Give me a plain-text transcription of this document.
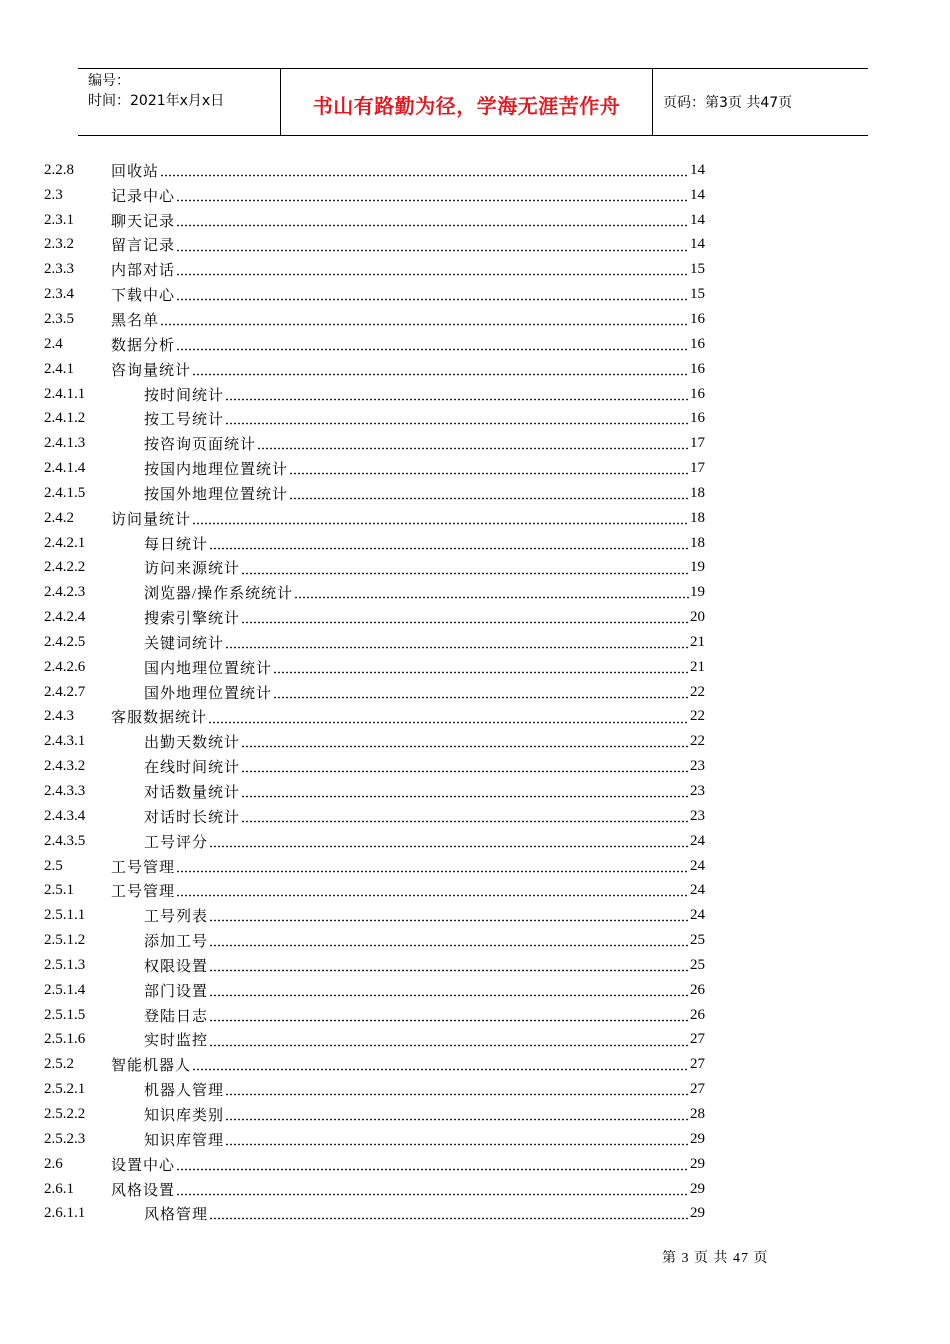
编号：
时间：2021年x月x日	书山有路勤为径，学海无涯苦作舟	页码：第3页 共47页
2.2.8 回收站	14
2.3	记录中心	14
2.3.1 聊天记录	14
2.3.2 留言记录	14
2.3.3 内部对话	15
2.3.4 下载中心	15
2.3.5 黑名单	16
2.4	数据分析	16
2.4.1 咨询量统计	16
2.4.1.1	按时间统计	16
2.4.1.2	按工号统计	16
2.4.1.3	按咨询页面统计	17
2.4.1.4	按国内地理位置统计	17
2.4.1.5	按国外地理位置统计	18
2.4.2 访问量统计	18
2.4.2.1	每日统计	18
2.4.2.2	访问来源统计	19
2.4.2.3	浏览器/操作系统统计	19
2.4.2.4	搜索引擎统计	20
2.4.2.5	关键词统计	21
2.4.2.6	国内地理位置统计	21
2.4.2.7	国外地理位置统计	22
2.4.3 客服数据统计	22
2.4.3.1	出勤天数统计	22
2.4.3.2	在线时间统计	23
2.4.3.3	对话数量统计	23
2.4.3.4	对话时长统计	23
2.4.3.5	工号评分	24
2.5	工号管理	24
2.5.1 工号管理	24
2.5.1.1	工号列表	24
2.5.1.2	添加工号	25
2.5.1.3	权限设置	25
2.5.1.4	部门设置	26
2.5.1.5	登陆日志	26
2.5.1.6	实时监控	27
2.5.2 智能机器人	27
2.5.2.1	机器人管理	27
2.5.2.2	知识库类别	28
2.5.2.3	知识库管理	29
2.6	设置中心	29
2.6.1 风格设置	29
2.6.1.1	风格管理	29
第 3 页 共 47 页
